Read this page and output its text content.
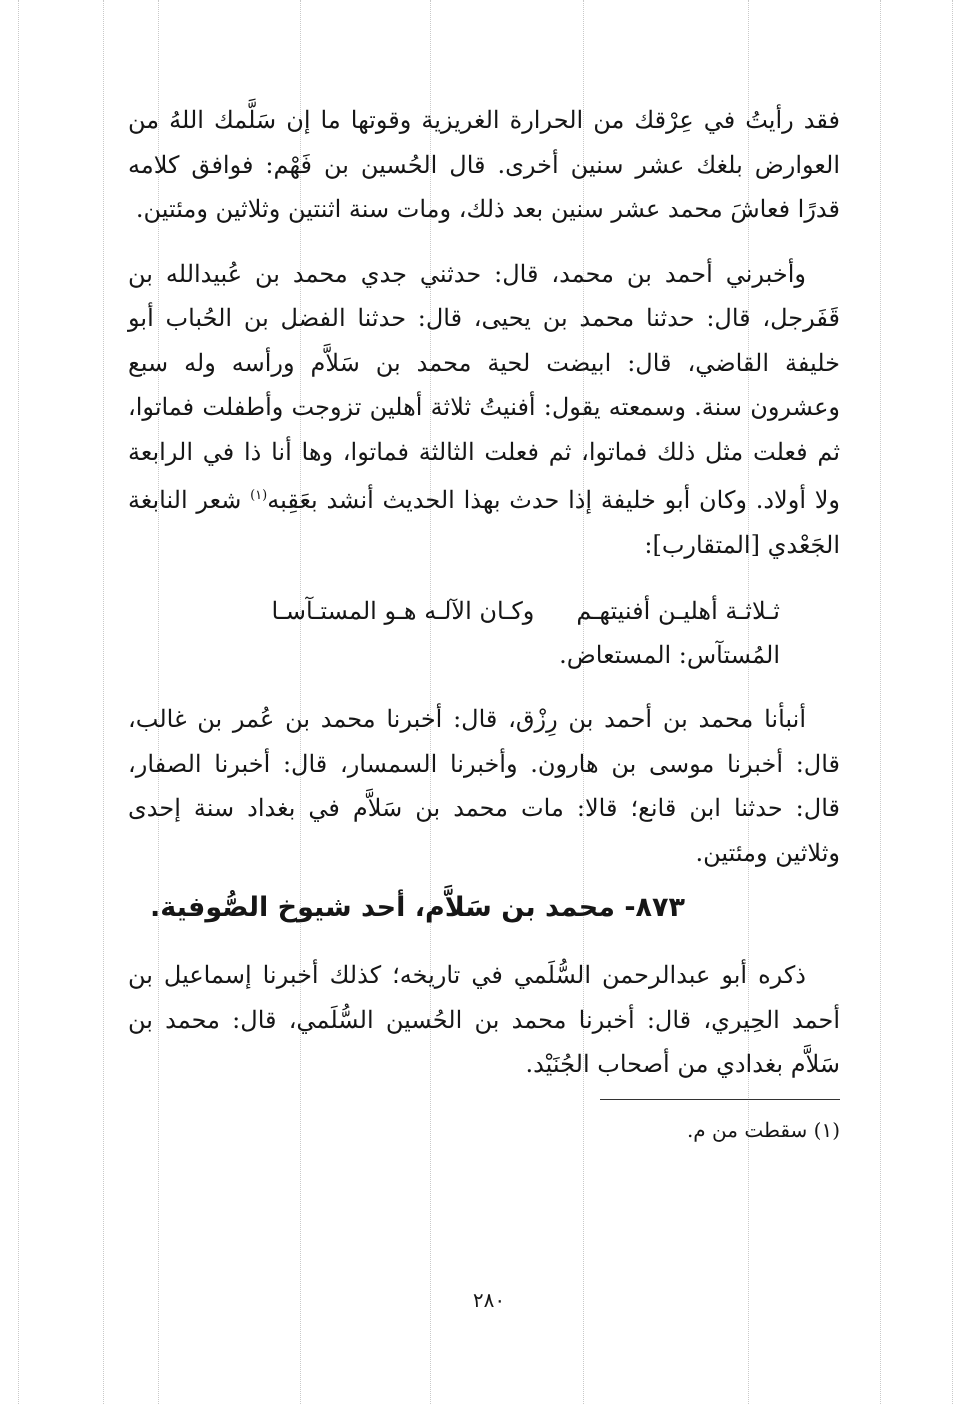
فقد رأيتُ في عِرْقك من الحرارة الغريزية وقوتها ما إن سَلَّمك اللهُ من العوارض بلغك عشر سنين أخرى. قال الحُسين بن فَهْم: فوافق كلامه قدرًا فعاشَ محمد عشر سنين بعد ذلك، ومات سنة اثنتين وثلاثين ومئتين.

وأخبرني أحمد بن محمد، قال: حدثني جدي محمد بن عُبيدالله بن قَفَرجل، قال: حدثنا محمد بن يحيى، قال: حدثنا الفضل بن الحُباب أبو خليفة القاضي، قال: ابيضت لحية محمد بن سَلاَّم ورأسه وله سبع وعشرون سنة. وسمعته يقول: أفنيتُ ثلاثة أهلين تزوجت وأطفلت فماتوا، ثم فعلت مثل ذلك فماتوا، ثم فعلت الثالثة فماتوا، وها أنا ذا في الرابعة ولا أولاد. وكان أبو خليفة إذا حدث بهذا الحديث أنشد بعَقِبه$^{(١)}$ شعر النابغة الجَعْدي [المتقارب]:

ثـلاثـة أهليـن أفنيتهـم
وكـان الآلـه هـو المستـآسـا

المُستآس: المستعاض.

أنبأنا محمد بن أحمد بن رِزْق، قال: أخبرنا محمد بن عُمر بن غالب، قال: أخبرنا موسى بن هارون. وأخبرنا السمسار، قال: أخبرنا الصفار، قال: حدثنا ابن قانع؛ قالا: مات محمد بن سَلاَّم في بغداد سنة إحدى وثلاثين ومئتين.

٨٧٣- محمد بن سَلاَّم، أحد شيوخ الصُّوفية.

ذكره أبو عبدالرحمن السُّلَمي في تاريخه؛ كذلك أخبرنا إسماعيل بن أحمد الحِيري، قال: أخبرنا محمد بن الحُسين السُّلَمي، قال: محمد بن سَلاَّم بغدادي من أصحاب الجُنَيْد.

(١) سقطت من م.

٢٨٠
